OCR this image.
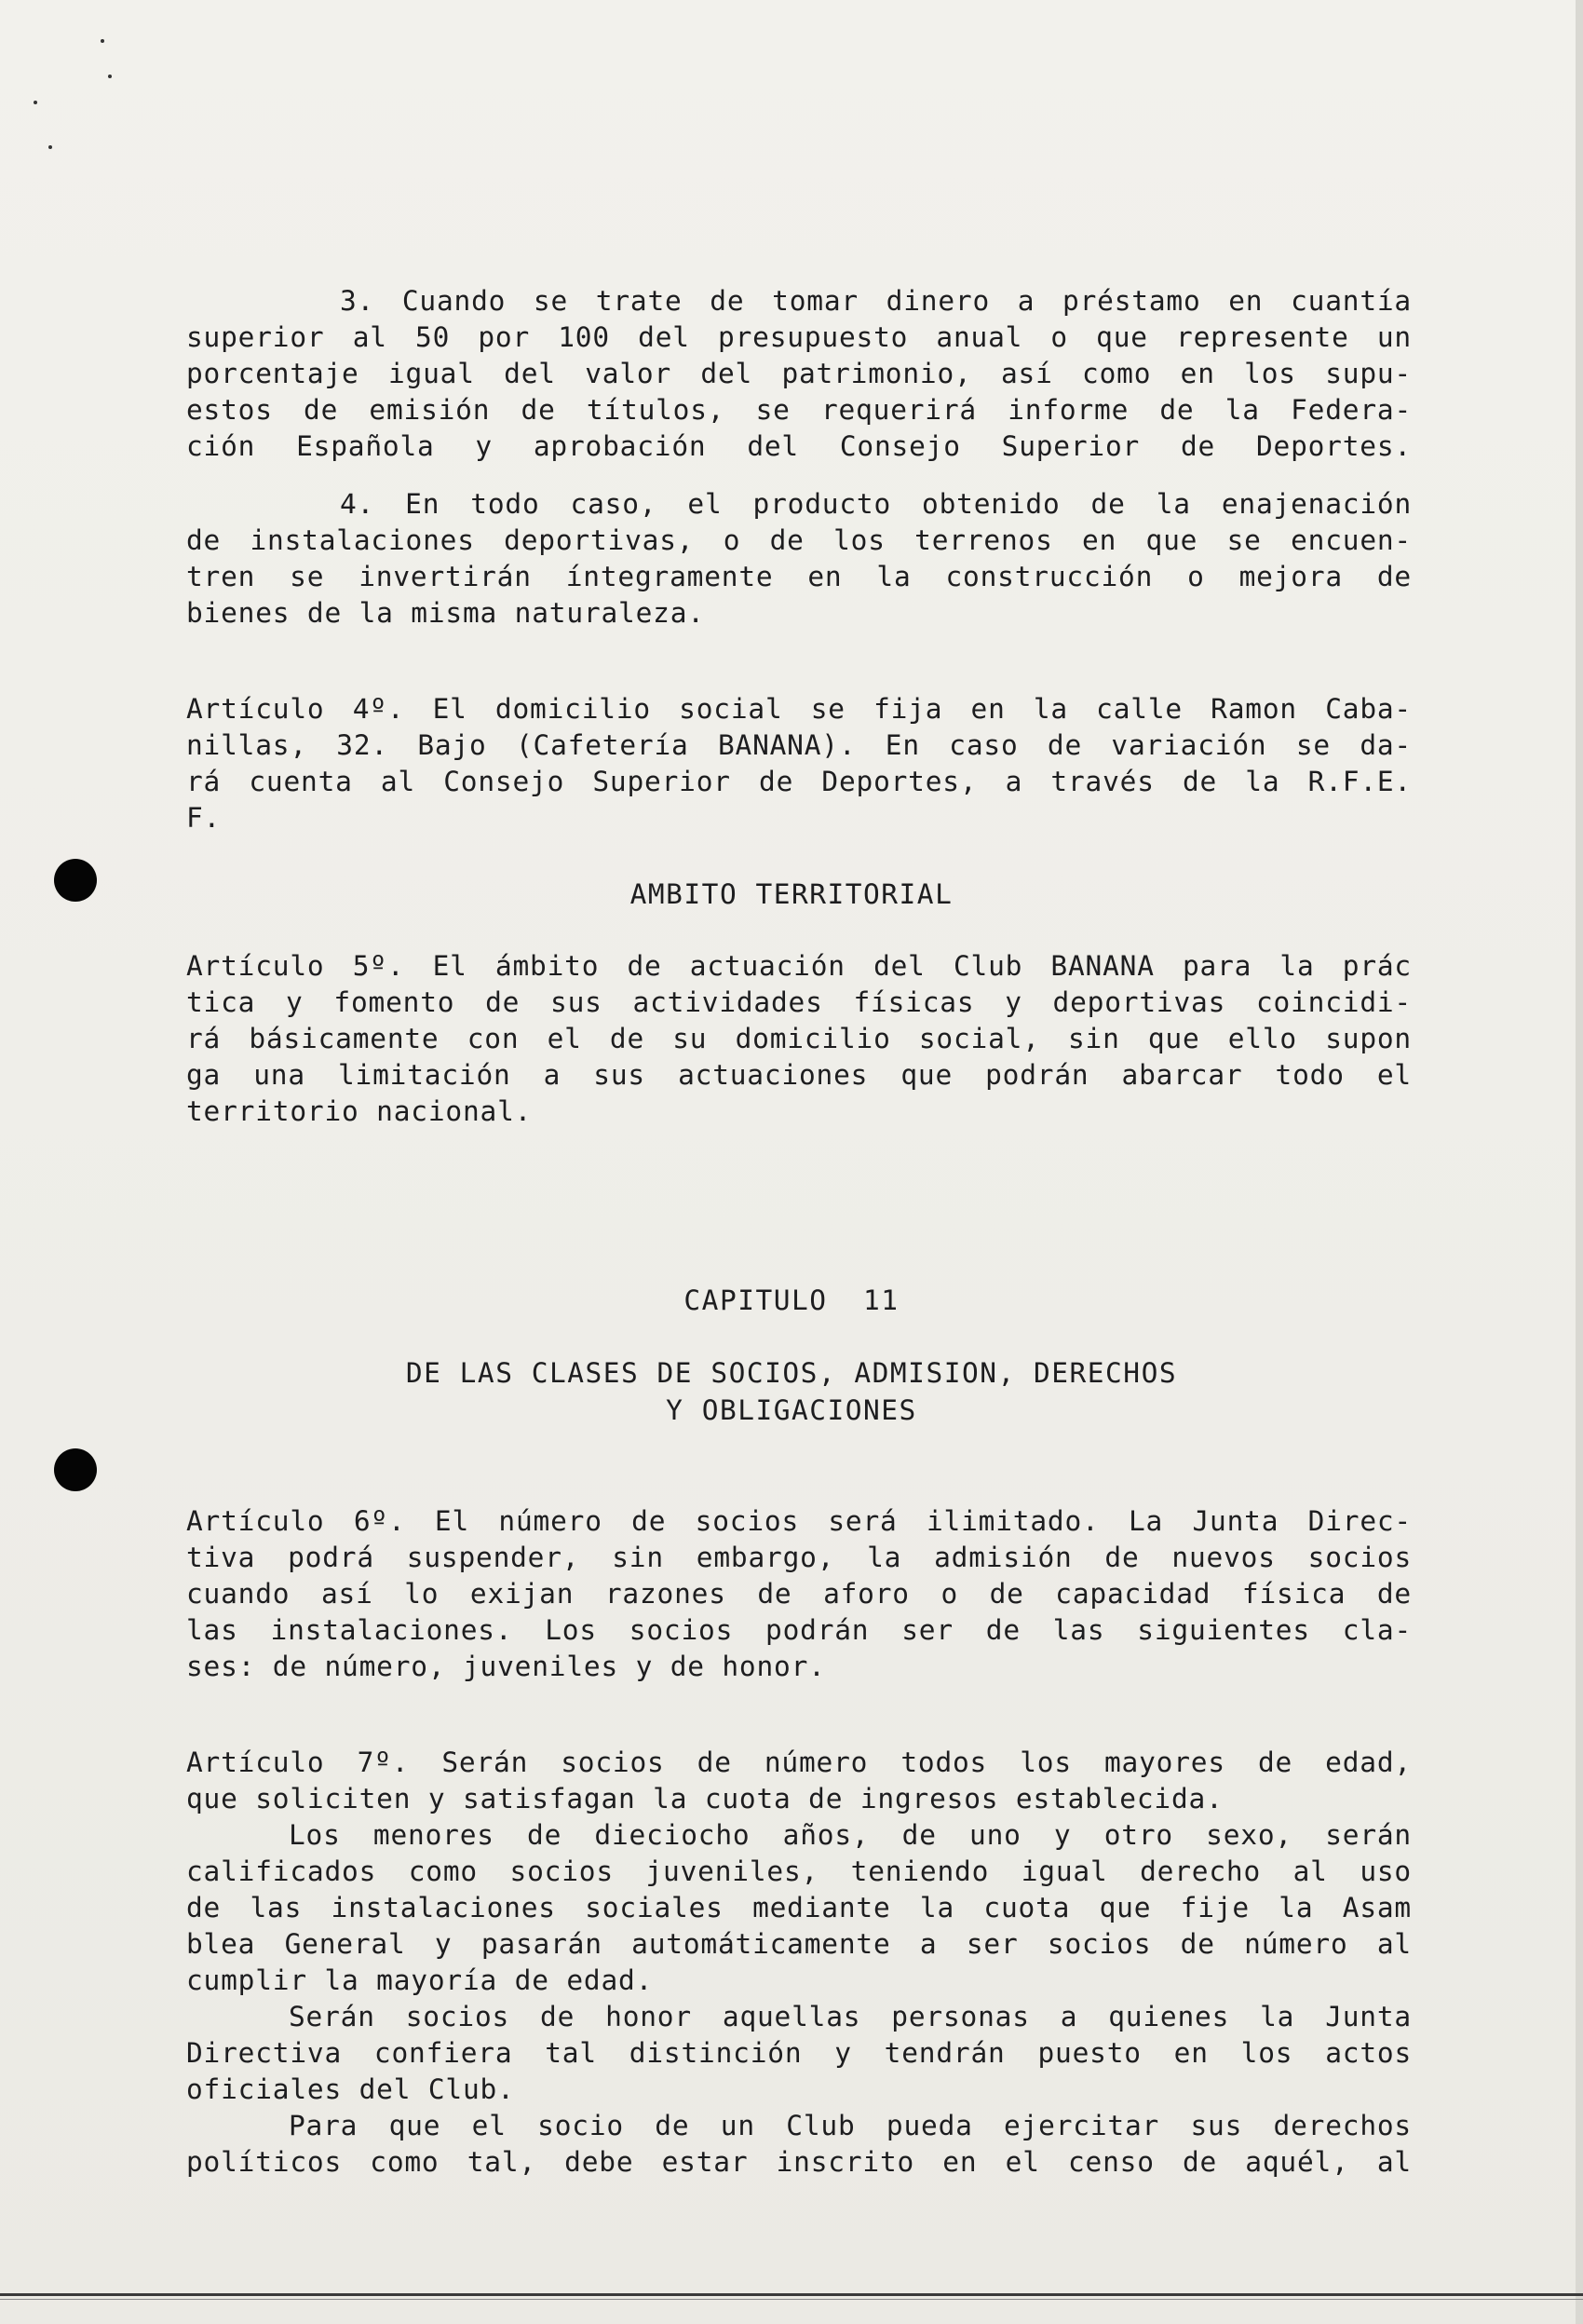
3. Cuando se trate de tomar dinero a préstamo en cuantía
superior al 50 por 100 del presupuesto anual o que represente un
porcentaje igual del valor del patrimonio, así como en los supu-
estos de emisión de títulos, se requerirá informe de la Federa-
ción Española y aprobación del Consejo Superior de Deportes.
4. En todo caso, el producto obtenido de la enajenación
de instalaciones deportivas, o de los terrenos en que se encuen-
tren se invertirán íntegramente en la construcción o mejora de
bienes de la misma naturaleza.
Artículo 4º. El domicilio social se fija en la calle Ramon Caba-
nillas, 32. Bajo (Cafetería BANANA). En caso de variación se da-
rá cuenta al Consejo Superior de Deportes, a través de la R.F.E.
F.
AMBITO TERRITORIAL
Artículo 5º. El ámbito de actuación del Club BANANA para la prác
tica y fomento de sus actividades físicas y deportivas coincidi-
rá básicamente con el de su domicilio social, sin que ello supon
ga una limitación a sus actuaciones que podrán abarcar todo el
territorio nacional.
CAPITULO  11
DE LAS CLASES DE SOCIOS, ADMISION, DERECHOS
Y OBLIGACIONES
Artículo 6º. El número de socios será ilimitado. La Junta Direc-
tiva podrá suspender, sin embargo, la admisión de nuevos socios
cuando así lo exijan razones de aforo o de capacidad física de
las instalaciones. Los socios podrán ser de las siguientes cla-
ses: de número, juveniles y de honor.
Artículo 7º. Serán socios de número todos los mayores de edad,
que soliciten y satisfagan la cuota de ingresos establecida.
Los menores de dieciocho años, de uno y otro sexo, serán
calificados como socios juveniles, teniendo igual derecho al uso
de las instalaciones sociales mediante la cuota que fije la Asam
blea General y pasarán automáticamente a ser socios de número al
cumplir la mayoría de edad.
Serán socios de honor aquellas personas a quienes la Junta
Directiva confiera tal distinción y tendrán puesto en los actos
oficiales del Club.
Para que el socio de un Club pueda ejercitar sus derechos
políticos como tal, debe estar inscrito en el censo de aquél, al
